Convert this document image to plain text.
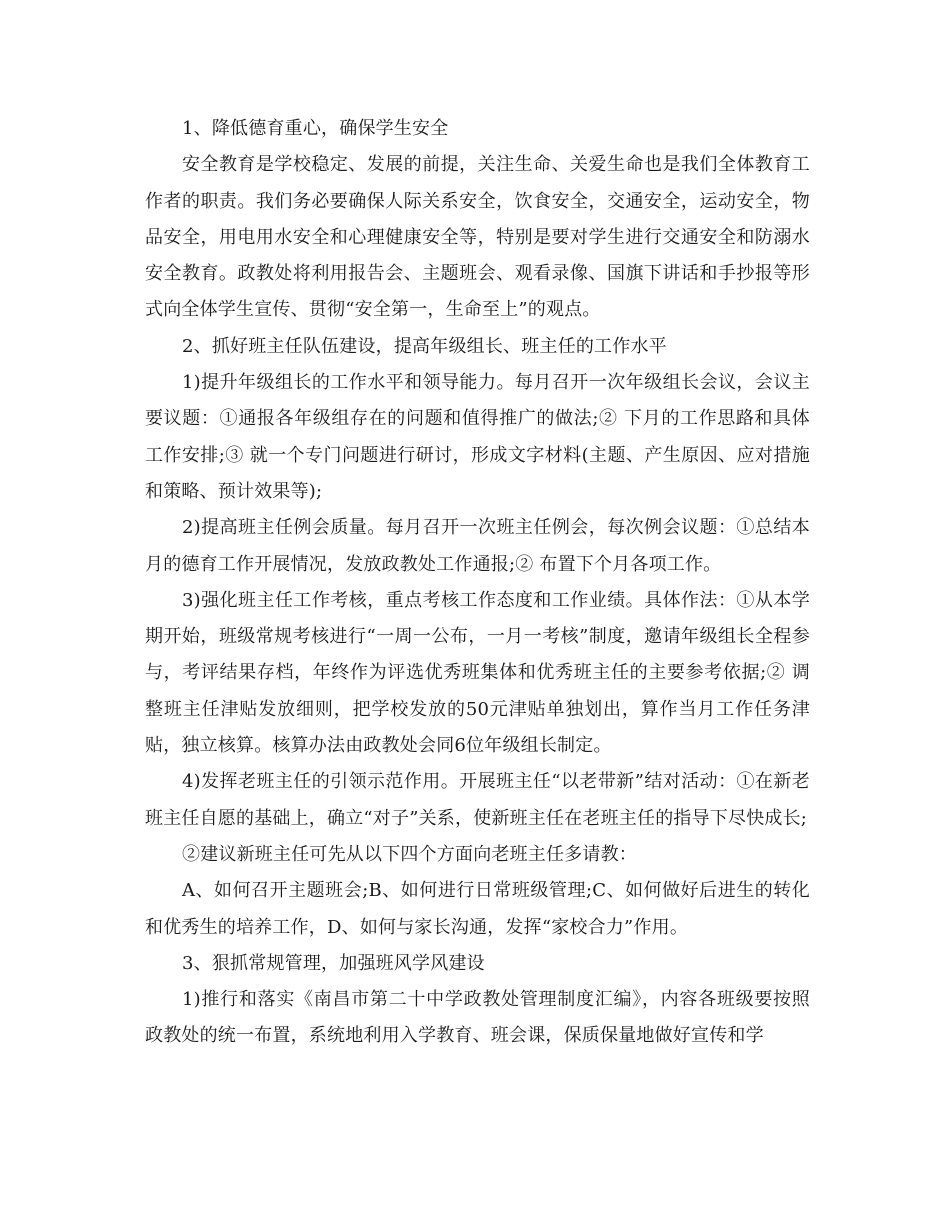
1、降低德育重心，确保学生安全

安全教育是学校稳定、发展的前提，关注生命、关爱生命也是我们全体教育工作者的职责。我们务必要确保人际关系安全，饮食安全，交通安全，运动安全，物品安全，用电用水安全和心理健康安全等，特别是要对学生进行交通安全和防溺水安全教育。政教处将利用报告会、主题班会、观看录像、国旗下讲话和手抄报等形式向全体学生宣传、贯彻“安全第一，生命至上”的观点。

2、抓好班主任队伍建设，提高年级组长、班主任的工作水平

1)提升年级组长的工作水平和领导能力。每月召开一次年级组长会议，会议主要议题：①通报各年级组存在的问题和值得推广的做法;② 下月的工作思路和具体工作安排;③ 就一个专门问题进行研讨，形成文字材料(主题、产生原因、应对措施和策略、预计效果等);

2)提高班主任例会质量。每月召开一次班主任例会，每次例会议题：①总结本月的德育工作开展情况，发放政教处工作通报;② 布置下个月各项工作。

3)强化班主任工作考核，重点考核工作态度和工作业绩。具体作法：①从本学期开始，班级常规考核进行“一周一公布，一月一考核”制度，邀请年级组长全程参与，考评结果存档，年终作为评选优秀班集体和优秀班主任的主要参考依据;② 调整班主任津贴发放细则，把学校发放的50元津贴单独划出，算作当月工作任务津贴，独立核算。核算办法由政教处会同6位年级组长制定。

4)发挥老班主任的引领示范作用。开展班主任“以老带新”结对活动：①在新老班主任自愿的基础上，确立“对子”关系，使新班主任在老班主任的指导下尽快成长;

②建议新班主任可先从以下四个方面向老班主任多请教：

A、如何召开主题班会;B、如何进行日常班级管理;C、如何做好后进生的转化和优秀生的培养工作，D、如何与家长沟通，发挥“家校合力”作用。

3、狠抓常规管理，加强班风学风建设

1)推行和落实《南昌市第二十中学政教处管理制度汇编》，内容各班级要按照政教处的统一布置，系统地利用入学教育、班会课，保质保量地做好宣传和学
